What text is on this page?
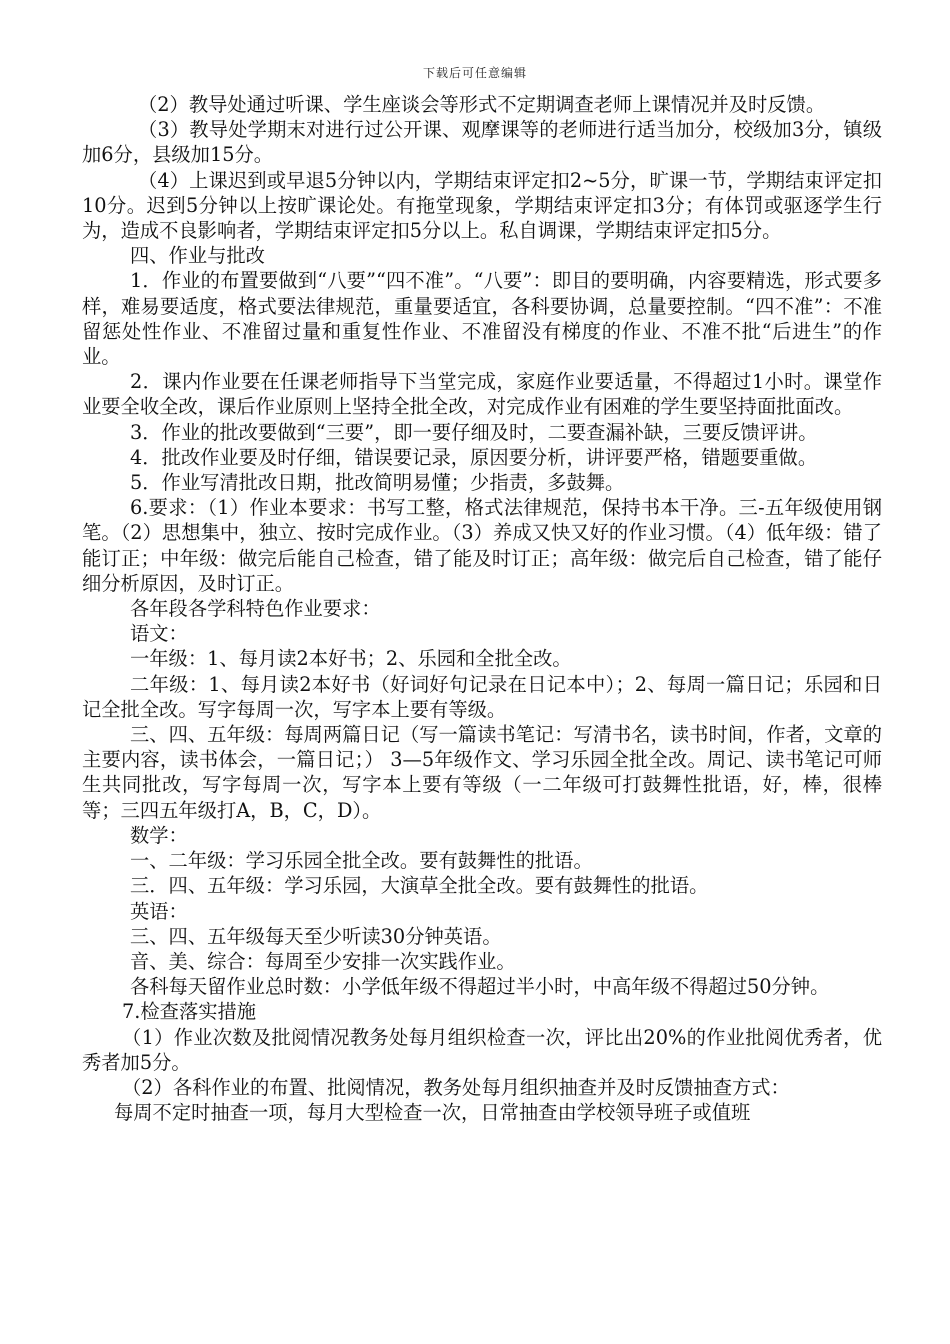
下载后可任意编辑

（2）教导处通过听课、学生座谈会等形式不定期调查老师上课情况并及时反馈。

（3）教导处学期末对进行过公开课、观摩课等的老师进行适当加分，校级加3分，镇级加6分，县级加15分。

（4）上课迟到或早退5分钟以内，学期结束评定扣2~5分，旷课一节，学期结束评定扣10分。迟到5分钟以上按旷课论处。有拖堂现象，学期结束评定扣3分；有体罚或驱逐学生行为，造成不良影响者，学期结束评定扣5分以上。私自调课，学期结束评定扣5分。

四、作业与批改

1．作业的布置要做到“八要”“四不准”。“八要”：即目的要明确，内容要精选，形式要多样，难易要适度，格式要法律规范，重量要适宜，各科要协调，总量要控制。“四不准”：不准留惩处性作业、不准留过量和重复性作业、不准留没有梯度的作业、不准不批“后进生”的作业。

2．课内作业要在任课老师指导下当堂完成，家庭作业要适量，不得超过1小时。课堂作业要全收全改，课后作业原则上坚持全批全改，对完成作业有困难的学生要坚持面批面改。

3．作业的批改要做到“三要”，即一要仔细及时，二要查漏补缺，三要反馈评讲。

4．批改作业要及时仔细，错误要记录，原因要分析，讲评要严格，错题要重做。

5．作业写清批改日期，批改简明易懂；少指责，多鼓舞。

6.要求：（1）作业本要求：书写工整，格式法律规范，保持书本干净。三-五年级使用钢笔。（2）思想集中，独立、按时完成作业。（3）养成又快又好的作业习惯。（4）低年级：错了能订正；中年级：做完后能自己检查，错了能及时订正；高年级：做完后自己检查，错了能仔细分析原因，及时订正。

各年段各学科特色作业要求：

语文：

一年级：1、每月读2本好书；2、乐园和全批全改。

二年级：1、每月读2本好书（好词好句记录在日记本中）；2、每周一篇日记；乐园和日记全批全改。写字每周一次，写字本上要有等级。

三、四、五年级：每周两篇日记（写一篇读书笔记：写清书名，读书时间，作者，文章的主要内容，读书体会，一篇日记；） 3—5年级作文、学习乐园全批全改。周记、读书笔记可师生共同批改，写字每周一次，写字本上要有等级（一二年级可打鼓舞性批语，好，棒，很棒等；三四五年级打A，B，C，D）。

数学：

一、二年级：学习乐园全批全改。要有鼓舞性的批语。

三．四、五年级：学习乐园，大演草全批全改。要有鼓舞性的批语。

英语：

三、四、五年级每天至少听读30分钟英语。

音、美、综合：每周至少安排一次实践作业。

各科每天留作业总时数：小学低年级不得超过半小时，中高年级不得超过50分钟。

7.检查落实措施

（1）作业次数及批阅情况教务处每月组织检查一次，评比出20%的作业批阅优秀者，优秀者加5分。

（2）各科作业的布置、批阅情况，教务处每月组织抽查并及时反馈抽查方式：

每周不定时抽查一项，每月大型检查一次，日常抽查由学校领导班子或值班
